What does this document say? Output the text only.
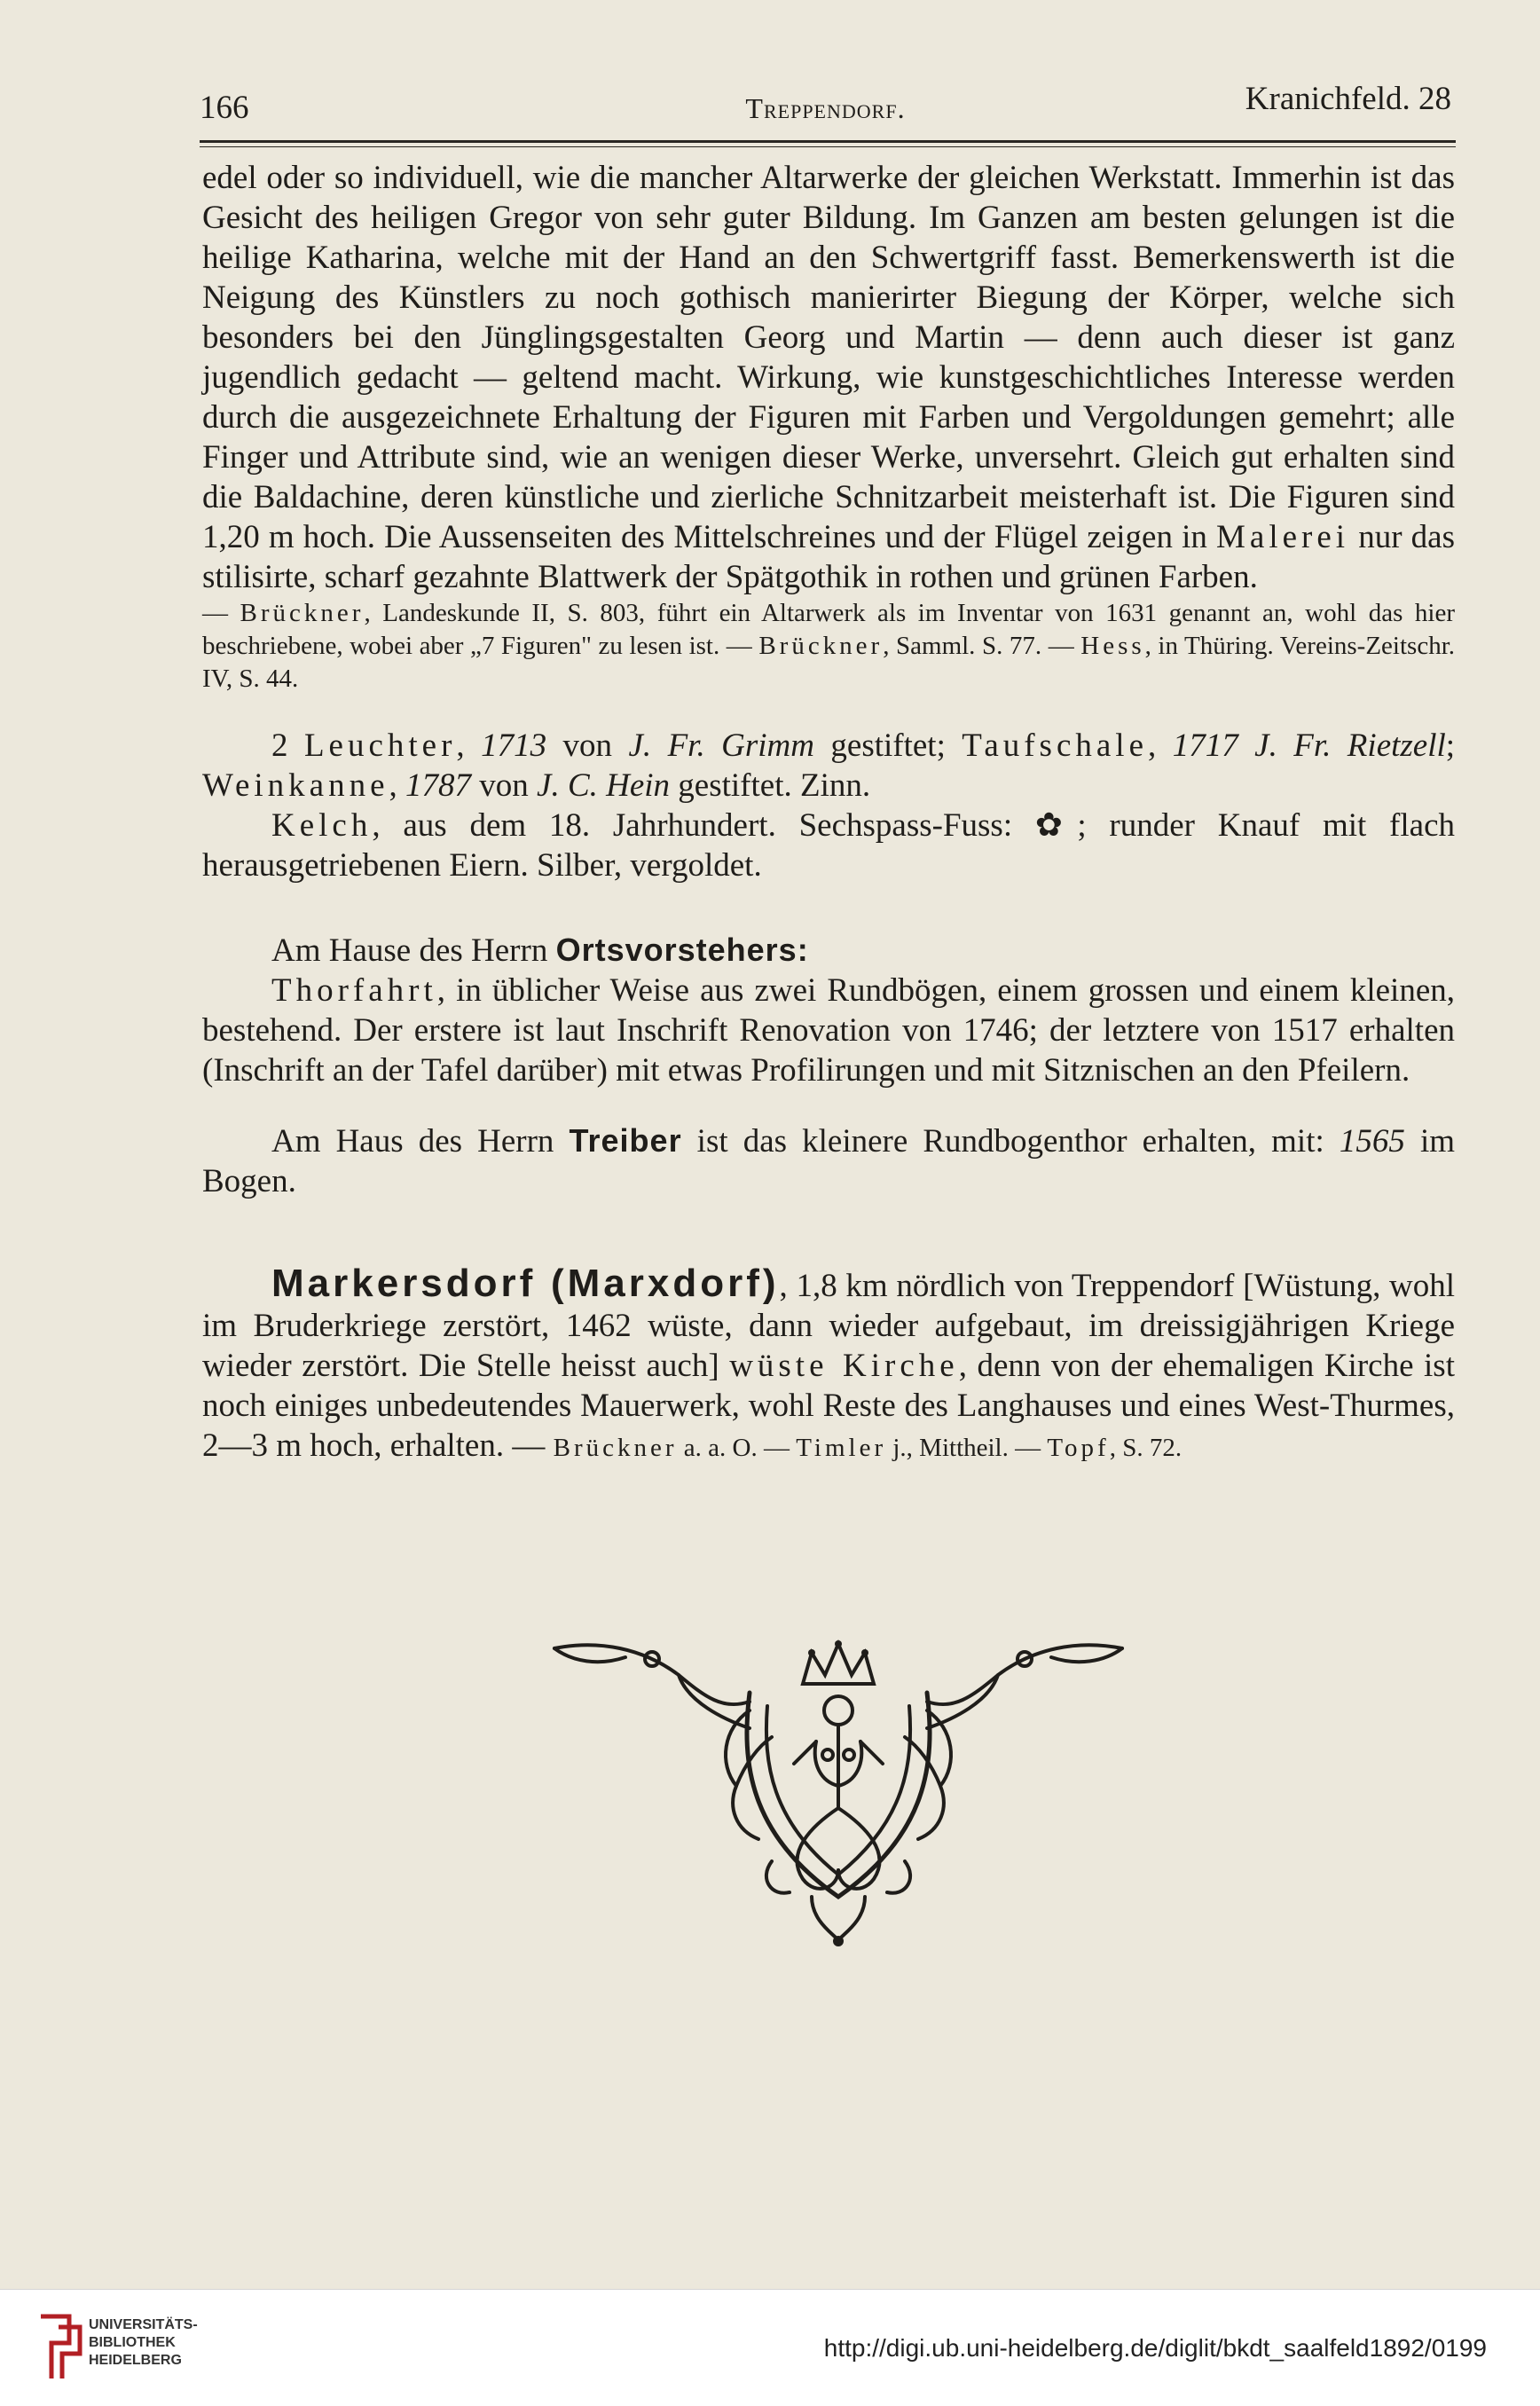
166	Treppendorf.	Kranichfeld. 28

edel oder so individuell, wie die mancher Altarwerke der gleichen Werkstatt. Immerhin ist das Gesicht des heiligen Gregor von sehr guter Bildung. Im Ganzen am besten gelungen ist die heilige Katharina, welche mit der Hand an den Schwertgriff fasst. Bemerkenswerth ist die Neigung des Künstlers zu noch gothisch manierirter Biegung der Körper, welche sich besonders bei den Jünglingsgestalten Georg und Martin — denn auch dieser ist ganz jugendlich gedacht — geltend macht. Wirkung, wie kunstgeschichtliches Interesse werden durch die ausgezeichnete Erhaltung der Figuren mit Farben und Vergoldungen gemehrt; alle Finger und Attribute sind, wie an wenigen dieser Werke, unversehrt. Gleich gut erhalten sind die Baldachine, deren künstliche und zierliche Schnitzarbeit meisterhaft ist. Die Figuren sind 1,20 m hoch. Die Aussenseiten des Mittelschreines und der Flügel zeigen in Malerei nur das stilisirte, scharf gezahnte Blattwerk der Spätgothik in rothen und grünen Farben.

— Brückner, Landeskunde II, S. 803, führt ein Altarwerk als im Inventar von 1631 genannt an, wohl das hier beschriebene, wobei aber „7 Figuren" zu lesen ist. — Brückner, Samml. S. 77. — Hess, in Thüring. Vereins-Zeitschr. IV, S. 44.

2 Leuchter, 1713 von J. Fr. Grimm gestiftet; Taufschale, 1717 J. Fr. Rietzell; Weinkanne, 1787 von J. C. Hein gestiftet. Zinn.

Kelch, aus dem 18. Jahrhundert. Sechspass-Fuss: ✿; runder Knauf mit flach herausgetriebenen Eiern. Silber, vergoldet.

Am Hause des Herrn Ortsvorstehers:

Thorfahrt, in üblicher Weise aus zwei Rundbögen, einem grossen und einem kleinen, bestehend. Der erstere ist laut Inschrift Renovation von 1746; der letztere von 1517 erhalten (Inschrift an der Tafel darüber) mit etwas Profilirungen und mit Sitznischen an den Pfeilern.

Am Haus des Herrn Treiber ist das kleinere Rundbogenthor erhalten, mit: 1565 im Bogen.

Markersdorf (Marxdorf), 1,8 km nördlich von Treppendorf [Wüstung, wohl im Bruderkriege zerstört, 1462 wüste, dann wieder aufgebaut, im dreissigjährigen Kriege wieder zerstört. Die Stelle heisst auch] wüste Kirche, denn von der ehemaligen Kirche ist noch einiges unbedeutendes Mauerwerk, wohl Reste des Langhauses und eines West-Thurmes, 2—3 m hoch, erhalten. — Brückner a. a. O. — Timler j., Mittheil. — Topf, S. 72.

UNIVERSITÄTS-
BIBLIOTHEK
HEIDELBERG	http://digi.ub.uni-heidelberg.de/diglit/bkdt_saalfeld1892/0199
